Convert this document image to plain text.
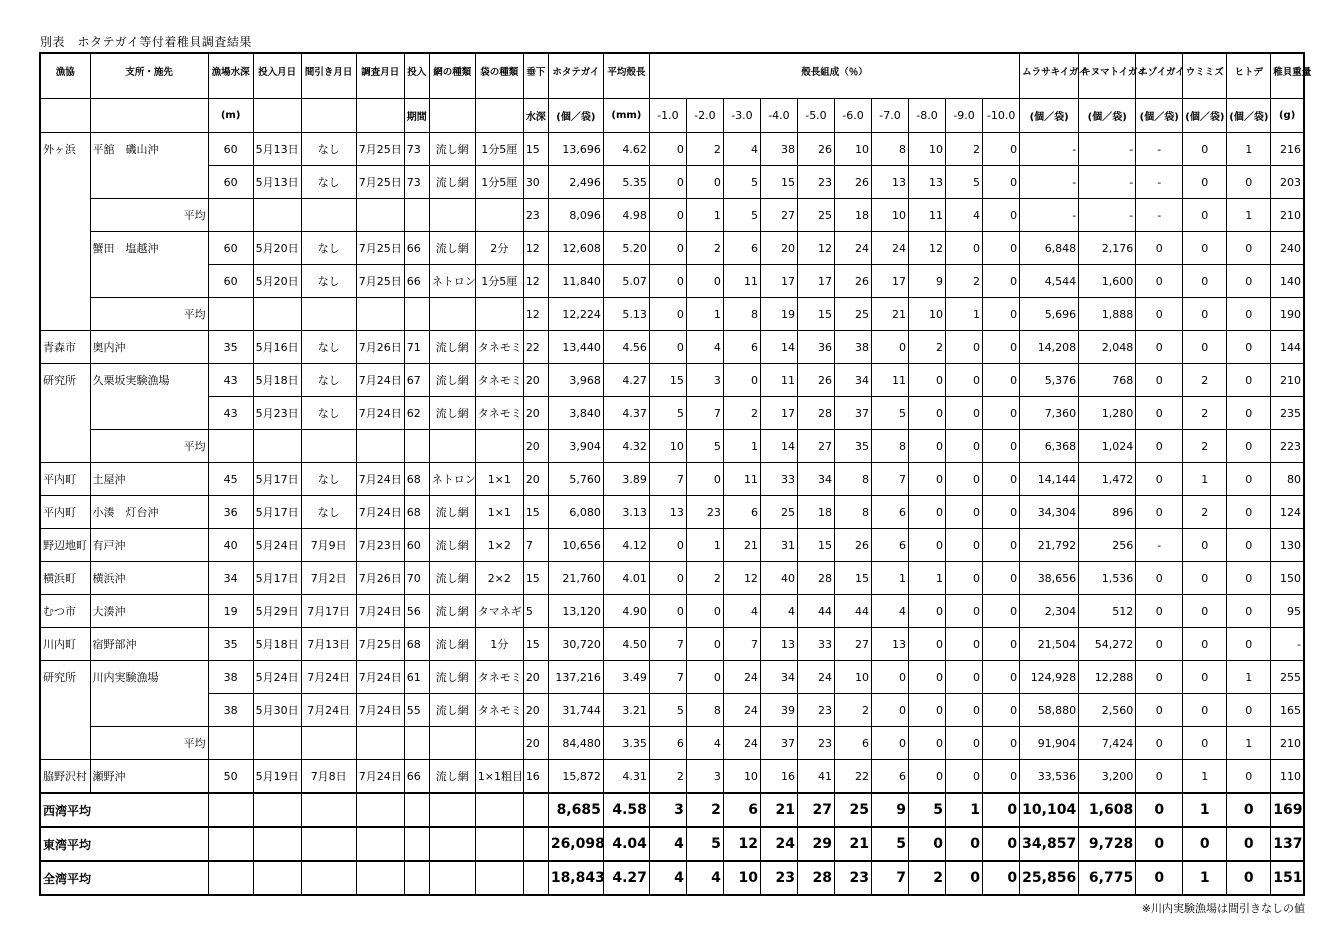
別表　ホタテガイ等付着稚貝調査結果
漁協	支所・施先	漁場水深	投入月日	間引き月日	調査月日	投入	網の種類	袋の種類	垂下	ホタテガイ	平均殻長	殻長組成（％）										ムラサキイガイ	キヌマトイガイ	エゾイガイ	ウミミズ	ヒトデ	稚貝重量
		(m)				期間			水深	(個／袋)	(mm)	-1.0	-2.0	-3.0	-4.0	-5.0	-6.0	-7.0	-8.0	-9.0	-10.0	(個／袋)	(個／袋)	(個／袋)	(個／袋)	(個／袋)	(g)
外ヶ浜	平舘　磯山沖	60	5月13日	なし	7月25日	73	流し網	1分5厘	15	13,696	4.62	0	2	4	38	26	10	8	10	2	0	-	-	-	0	1	216
		60	5月13日	なし	7月25日	73	流し網	1分5厘	30	2,496	5.35	0	0	5	15	23	26	13	13	5	0	-	-	-	0	0	203
	平均								23	8,096	4.98	0	1	5	27	25	18	10	11	4	0	-	-	-	0	1	210
	蟹田　塩越沖	60	5月20日	なし	7月25日	66	流し網	2分	12	12,608	5.20	0	2	6	20	12	24	24	12	0	0	6,848	2,176	0	0	0	240
		60	5月20日	なし	7月25日	66	ネトロン	1分5厘	12	11,840	5.07	0	0	11	17	17	26	17	9	2	0	4,544	1,600	0	0	0	140
	平均								12	12,224	5.13	0	1	8	19	15	25	21	10	1	0	5,696	1,888	0	0	0	190
青森市	奥内沖	35	5月16日	なし	7月26日	71	流し網	タネモミ	22	13,440	4.56	0	4	6	14	36	38	0	2	0	0	14,208	2,048	0	0	0	144
研究所	久栗坂実験漁場	43	5月18日	なし	7月24日	67	流し網	タネモミ	20	3,968	4.27	15	3	0	11	26	34	11	0	0	0	5,376	768	0	2	0	210
		43	5月23日	なし	7月24日	62	流し網	タネモミ	20	3,840	4.37	5	7	2	17	28	37	5	0	0	0	7,360	1,280	0	2	0	235
	平均								20	3,904	4.32	10	5	1	14	27	35	8	0	0	0	6,368	1,024	0	2	0	223
平内町	土屋沖	45	5月17日	なし	7月24日	68	ネトロン	1×1	20	5,760	3.89	7	0	11	33	34	8	7	0	0	0	14,144	1,472	0	1	0	80
平内町	小湊　灯台沖	36	5月17日	なし	7月24日	68	流し網	1×1	15	6,080	3.13	13	23	6	25	18	8	6	0	0	0	34,304	896	0	2	0	124
野辺地町	有戸沖	40	5月24日	7月9日	7月23日	60	流し網	1×2	7	10,656	4.12	0	1	21	31	15	26	6	0	0	0	21,792	256	-	0	0	130
横浜町	横浜沖	34	5月17日	7月2日	7月26日	70	流し網	2×2	15	21,760	4.01	0	2	12	40	28	15	1	1	0	0	38,656	1,536	0	0	0	150
むつ市	大湊沖	19	5月29日	7月17日	7月24日	56	流し網	タマネギ	5	13,120	4.90	0	0	4	4	44	44	4	0	0	0	2,304	512	0	0	0	95
川内町	宿野部沖	35	5月18日	7月13日	7月25日	68	流し網	1分	15	30,720	4.50	7	0	7	13	33	27	13	0	0	0	21,504	54,272	0	0	0	-
研究所	川内実験漁場	38	5月24日	7月24日	7月24日	61	流し網	タネモミ	20	137,216	3.49	7	0	24	34	24	10	0	0	0	0	124,928	12,288	0	0	1	255
		38	5月30日	7月24日	7月24日	55	流し網	タネモミ	20	31,744	3.21	5	8	24	39	23	2	0	0	0	0	58,880	2,560	0	0	0	165
	平均								20	84,480	3.35	6	4	24	37	23	6	0	0	0	0	91,904	7,424	0	0	1	210
脇野沢村	瀬野沖	50	5月19日	7月8日	7月24日	66	流し網	1×1粗目	16	15,872	4.31	2	3	10	16	41	22	6	0	0	0	33,536	3,200	0	1	0	110
西湾平均										8,685	4.58	3	2	6	21	27	25	9	5	1	0	10,104	1,608	0	1	0	169
東湾平均										26,098	4.04	4	5	12	24	29	21	5	0	0	0	34,857	9,728	0	0	0	137
全湾平均										18,843	4.27	4	4	10	23	28	23	7	2	0	0	25,856	6,775	0	1	0	151
※川内実験漁場は間引きなしの値
